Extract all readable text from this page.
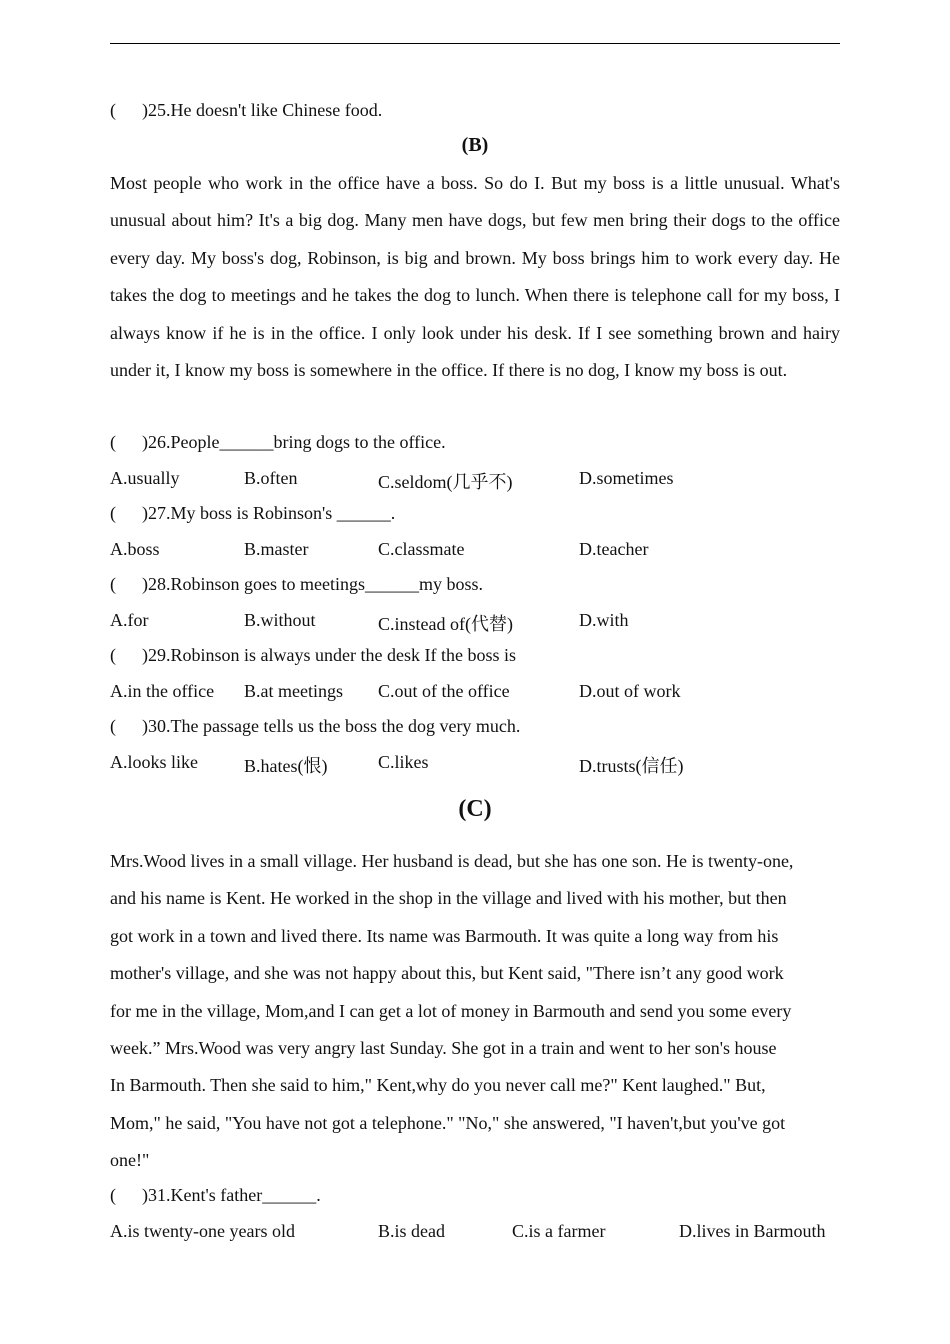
( )25.He doesn't like Chinese food.
(B)

Most people who work in the office have a boss. So do I. But my boss is a little unusual. What's unusual about him? It's a big dog. Many men have dogs, but few men bring their dogs to the office every day. My boss's dog, Robinson, is big and brown. My boss brings him to work every day. He takes the dog to meetings and he takes the dog to lunch. When there is telephone call for my boss, I always know if he is in the office. I only look under his desk. If I see something brown and hairy under it, I know my boss is somewhere in the office. If there is no dog, I know my boss is out.

( )26.People______bring dogs to the office.
A.usually	B.often	C.seldom(几乎不)	D.sometimes
( )27.My boss is Robinson's ______.
A.boss	B.master	C.classmate	D.teacher
( )28.Robinson goes to meetings______my boss.
A.for	B.without	C.instead of(代替)	D.with
( )29.Robinson is always under the desk If the boss is
A.in the office B.at meetings C.out of the office	D.out of work
( )30.The passage tells us the boss the dog very much.
A.looks like	B.hates(恨)	C.likes	D.trusts(信任)
(C)

Mrs.Wood lives in a small village. Her husband is dead, but she has one son. He is twenty-one,

and his name is Kent. He worked in the shop in the village and lived with his mother, but then

got work in a town and lived there. Its name was Barmouth. It was quite a long way from his

mother's village, and she was not happy about this, but Kent said, "There isn’t any good work

for me in the village, Mom,and I can get a lot of money in Barmouth and send you some every

week.” Mrs.Wood was very angry last Sunday. She got in a train and went to her son's house

In Barmouth. Then she said to him," Kent,why do you never call me?" Kent laughed." But,

Mom," he said, "You have not got a telephone." "No," she answered, "I haven't,but you've got

one!"

( )31.Kent's father______.
A.is twenty-one years old	B.is dead	C.is a farmer	D.lives in Barmouth
